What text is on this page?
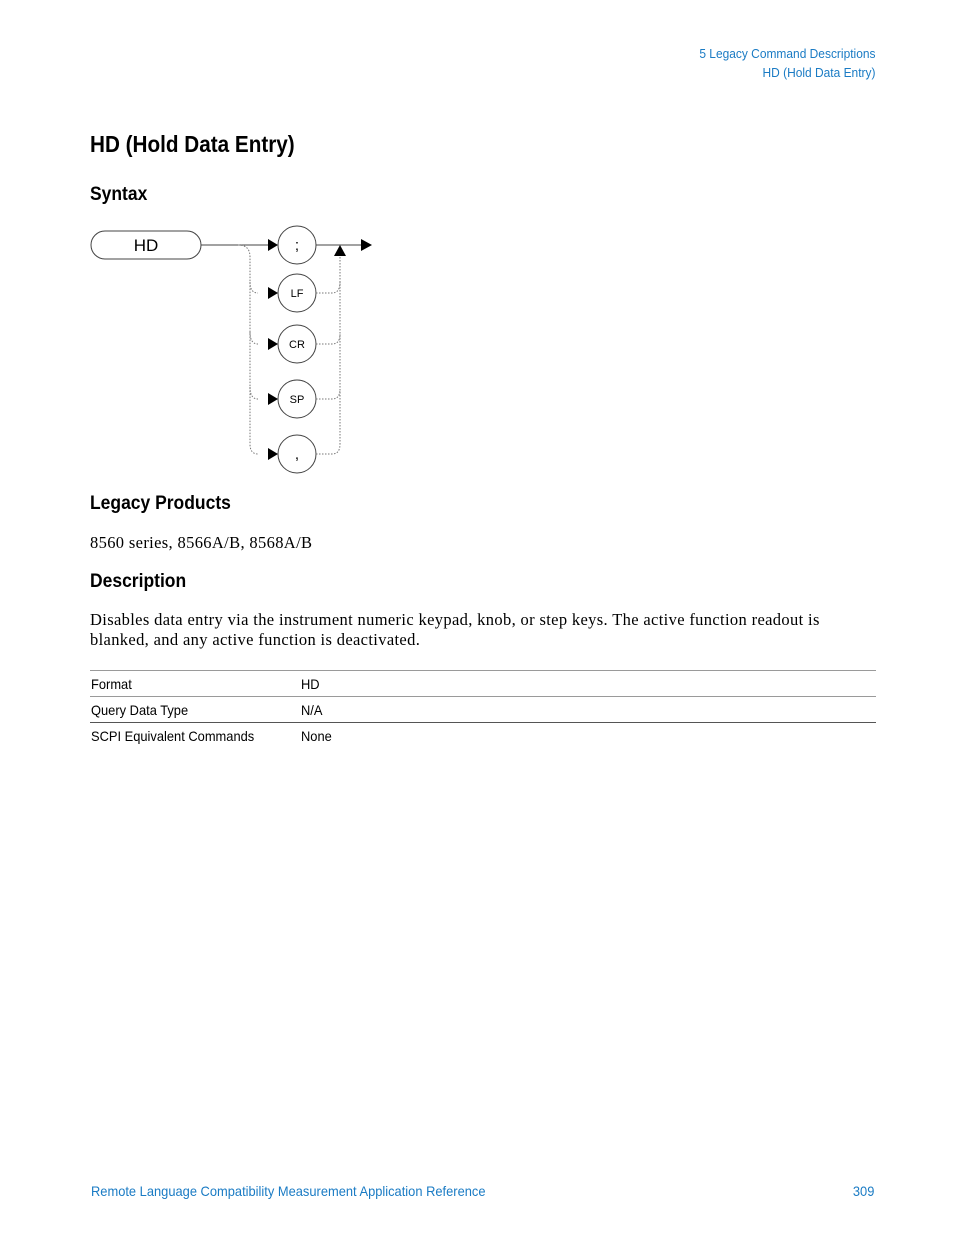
5 Legacy Command Descriptions
HD (Hold Data Entry)
HD (Hold Data Entry)
Syntax
HD	;
LF
CR
SP
,
Legacy Products

8560 series, 8566A/B, 8568A/B

Description

Disables data entry via the instrument numeric keypad, knob, or step keys. The active function readout is blanked, and any active function is deactivated.

Format	HD
Query Data Type	N/A
SCPI Equivalent Commands	None
Remote Language Compatibility Measurement Application Reference	309
